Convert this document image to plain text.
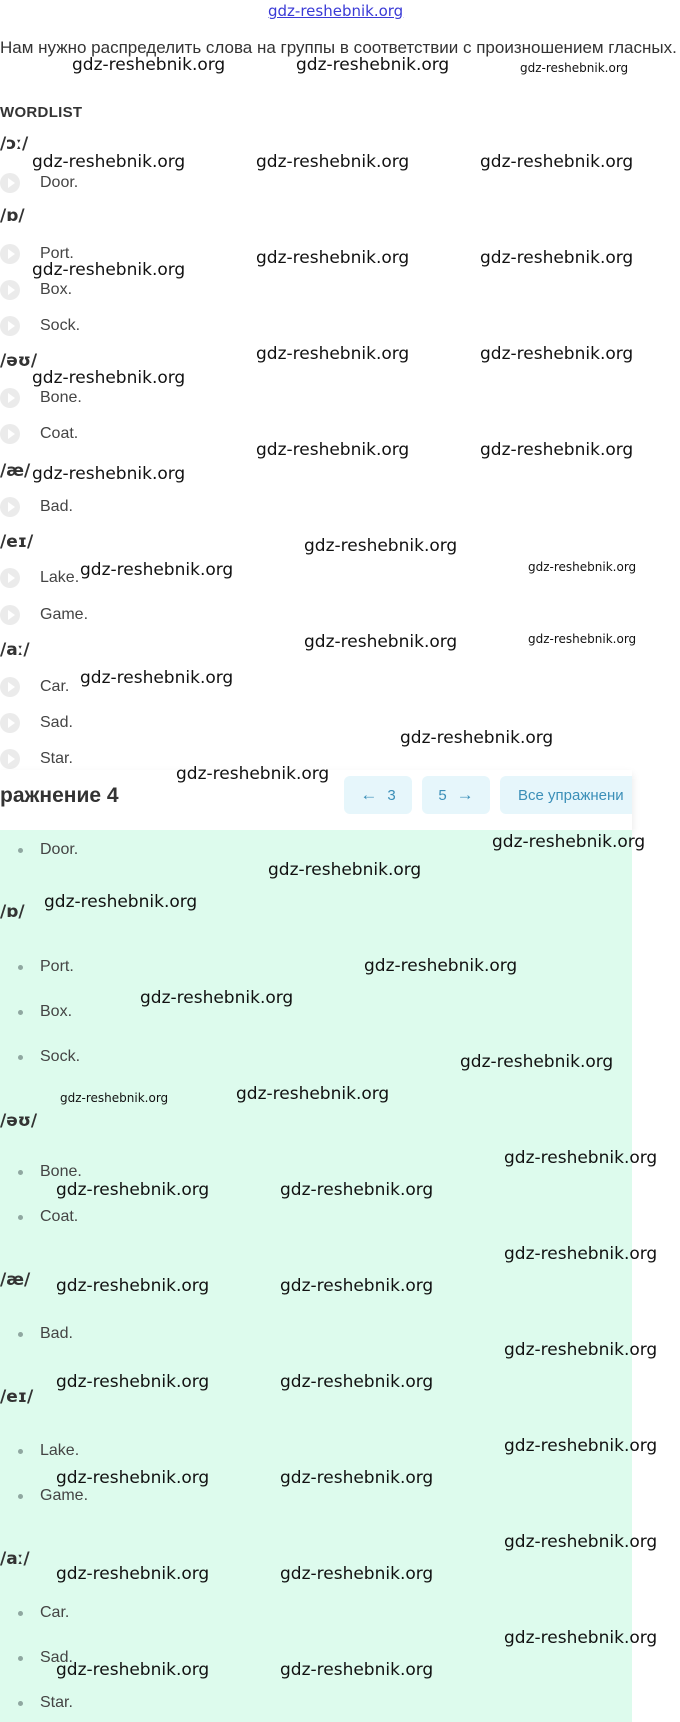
gdz-reshebnik.org
Нам нужно распределить слова на группы в соответствии с произношением гласных.
WORDLIST
/ɔː/
Door.
/ɒ/
Port.
Box.
Sock.
/əʊ/
Bone.
Coat.
/æ/
Bad.
/eɪ/
Lake.
Game.
/aː/
Car.
Sad.
Star.
ражнение 4	← 3	5 →	Все упражнени
Door.
/ɒ/
Port.
Box.
Sock.
/əʊ/
Bone.
Coat.
/æ/
Bad.
/eɪ/
Lake.
Game.
/aː/
Car.
Sad.
Star.
gdz-reshebnik.org	gdz-reshebnik.org	gdz-reshebnik.org
gdz-reshebnik.org	gdz-reshebnik.org	gdz-reshebnik.org
gdz-reshebnik.org	gdz-reshebnik.org
gdz-reshebnik.org
gdz-reshebnik.org	gdz-reshebnik.org
gdz-reshebnik.org
gdz-reshebnik.org	gdz-reshebnik.org
gdz-reshebnik.org
gdz-reshebnik.org
gdz-reshebnik.org
gdz-reshebnik.org
gdz-reshebnik.org	gdz-reshebnik.org
gdz-reshebnik.org
gdz-reshebnik.org
gdz-reshebnik.org
gdz-reshebnik.org
gdz-reshebnik.org
gdz-reshebnik.org
gdz-reshebnik.org
gdz-reshebnik.org
gdz-reshebnik.org
gdz-reshebnik.org	gdz-reshebnik.org
gdz-reshebnik.org
gdz-reshebnik.org	gdz-reshebnik.org
gdz-reshebnik.org
gdz-reshebnik.org	gdz-reshebnik.org
gdz-reshebnik.org
gdz-reshebnik.org	gdz-reshebnik.org
gdz-reshebnik.org
gdz-reshebnik.org	gdz-reshebnik.org
gdz-reshebnik.org
gdz-reshebnik.org	gdz-reshebnik.org
gdz-reshebnik.org
gdz-reshebnik.org	gdz-reshebnik.org
